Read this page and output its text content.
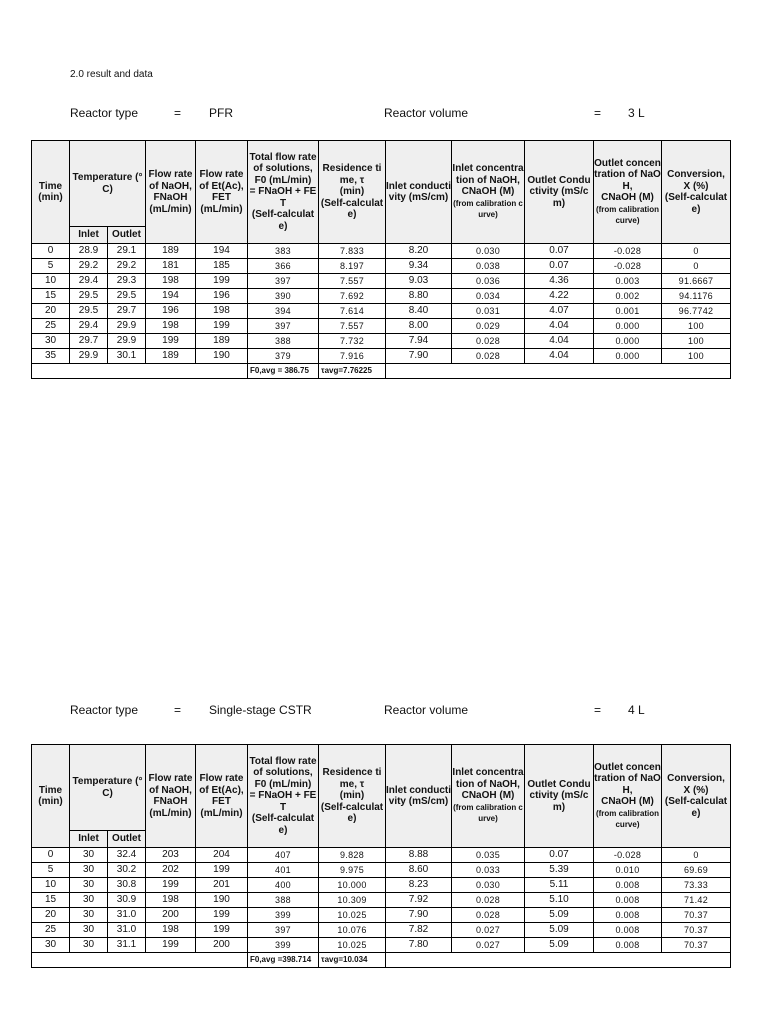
2.0 result and data
Reactor type	= PFR	Reactor volume	= 3 L
Time (min)	Temperature (°C)		Flow rate of NaOH,
FNaOH
(mL/min)	Flow rate of Et(Ac),
FET
(mL/min)	Total flow rate of solutions,
F0 (mL/min)
= FNaOH + FET
(Self-calculate)	Residence time, τ
(min)
(Self-calculate)	Inlet conductivity (mS/cm)	Inlet concentration of NaOH,
CNaOH (M)
(from calibration curve)	Outlet Conductivity (mS/cm)	Outlet concentration of NaOH,
CNaOH (M)
(from calibration curve)	Conversion,
X (%)
(Self-calculate)
	Inlet	Outlet									
0	28.9	29.1	189	194	383	7.833	8.20	0.030	0.07	-0.028	0
5	29.2	29.2	181	185	366	8.197	9.34	0.038	0.07	-0.028	0
10	29.4	29.3	198	199	397	7.557	9.03	0.036	4.36	0.003	91.6667
15	29.5	29.5	194	196	390	7.692	8.80	0.034	4.22	0.002	94.1176
20	29.5	29.7	196	198	394	7.614	8.40	0.031	4.07	0.001	96.7742
25	29.4	29.9	198	199	397	7.557	8.00	0.029	4.04	0.000	100
30	29.7	29.9	199	189	388	7.732	7.94	0.028	4.04	0.000	100
35	29.9	30.1	189	190	379	7.916	7.90	0.028	4.04	0.000	100
					F0,avg = 386.75	τavg=7.76225					
Reactor type	= Single-stage CSTR	Reactor volume	= 4 L
Time (min)	Temperature (°C)		Flow rate of NaOH,
FNaOH
(mL/min)	Flow rate of Et(Ac),
FET
(mL/min)	Total flow rate of solutions,
F0 (mL/min)
= FNaOH + FET
(Self-calculate)	Residence time, τ
(min)
(Self-calculate)	Inlet conductivity (mS/cm)	Inlet concentration of NaOH,
CNaOH (M)
(from calibration curve)	Outlet Conductivity (mS/cm)	Outlet concentration of NaOH,
CNaOH (M)
(from calibration curve)	Conversion,
X (%)
(Self-calculate)
	Inlet	Outlet									
0	30	32.4	203	204	407	9.828	8.88	0.035	0.07	-0.028	0
5	30	30.2	202	199	401	9.975	8.60	0.033	5.39	0.010	69.69
10	30	30.8	199	201	400	10.000	8.23	0.030	5.11	0.008	73.33
15	30	30.9	198	190	388	10.309	7.92	0.028	5.10	0.008	71.42
20	30	31.0	200	199	399	10.025	7.90	0.028	5.09	0.008	70.37
25	30	31.0	198	199	397	10.076	7.82	0.027	5.09	0.008	70.37
30	30	31.1	199	200	399	10.025	7.80	0.027	5.09	0.008	70.37
					F0,avg =398.714	τavg=10.034					
